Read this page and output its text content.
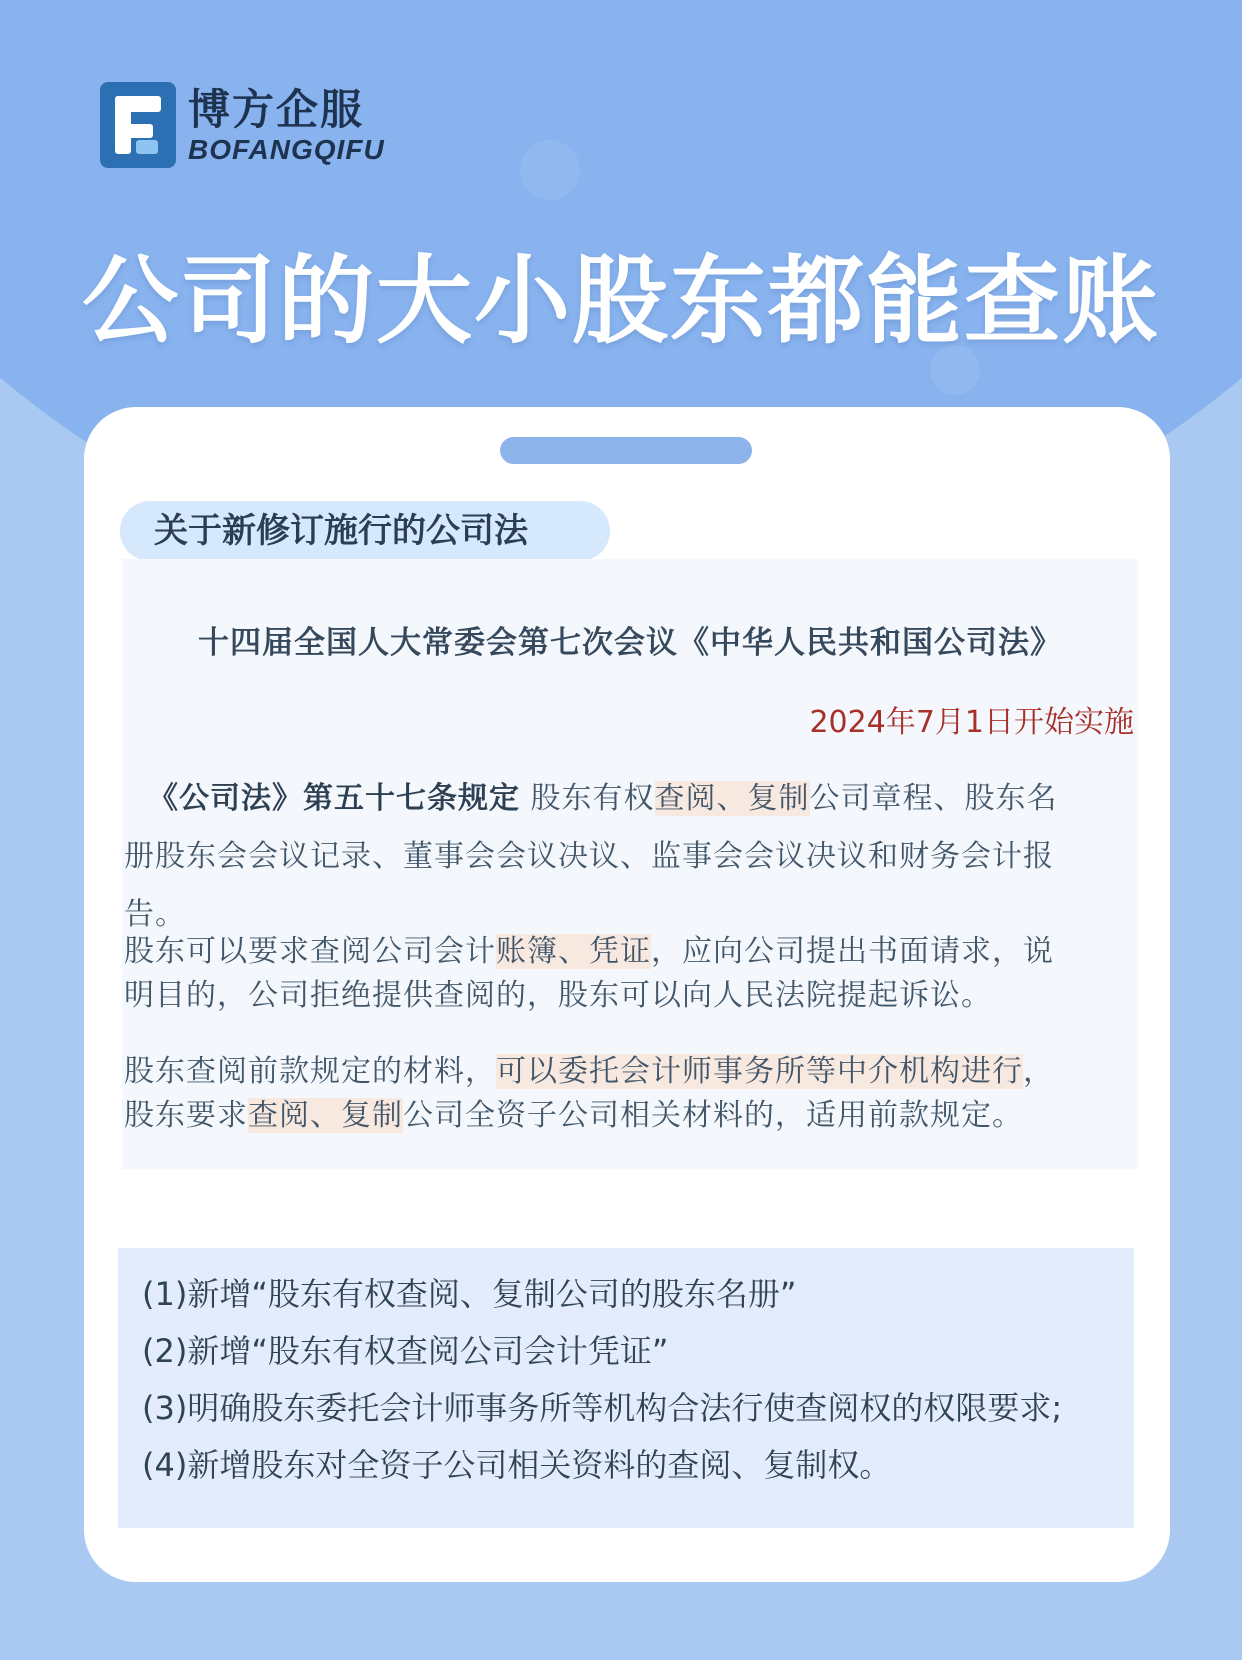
博方企服
BOFANGQIFU
公司的大小股东都能查账
关于新修订施行的公司法
十四届全国人大常委会第七次会议《中华人民共和国公司法》
2024年7月1日开始实施
(1)新增“股东有权查阅、复制公司的股东名册”
(2)新增“股东有权查阅公司会计凭证”
(3)明确股东委托会计师事务所等机构合法行使查阅权的权限要求;
(4)新增股东对全资子公司相关资料的查阅、复制权。
《公司法》第五十七条规定 股东有权查阅、复制公司章程、股东名册股东会会议记录、董事会会议决议、监事会会议决议和财务会计报告。
股东可以要求查阅公司会计账簿、凭证，应向公司提出书面请求，说明目的，公司拒绝提供查阅的，股东可以向人民法院提起诉讼。
股东查阅前款规定的材料，可以委托会计师事务所等中介机构进行，股东要求查阅、复制公司全资子公司相关材料的，适用前款规定。
